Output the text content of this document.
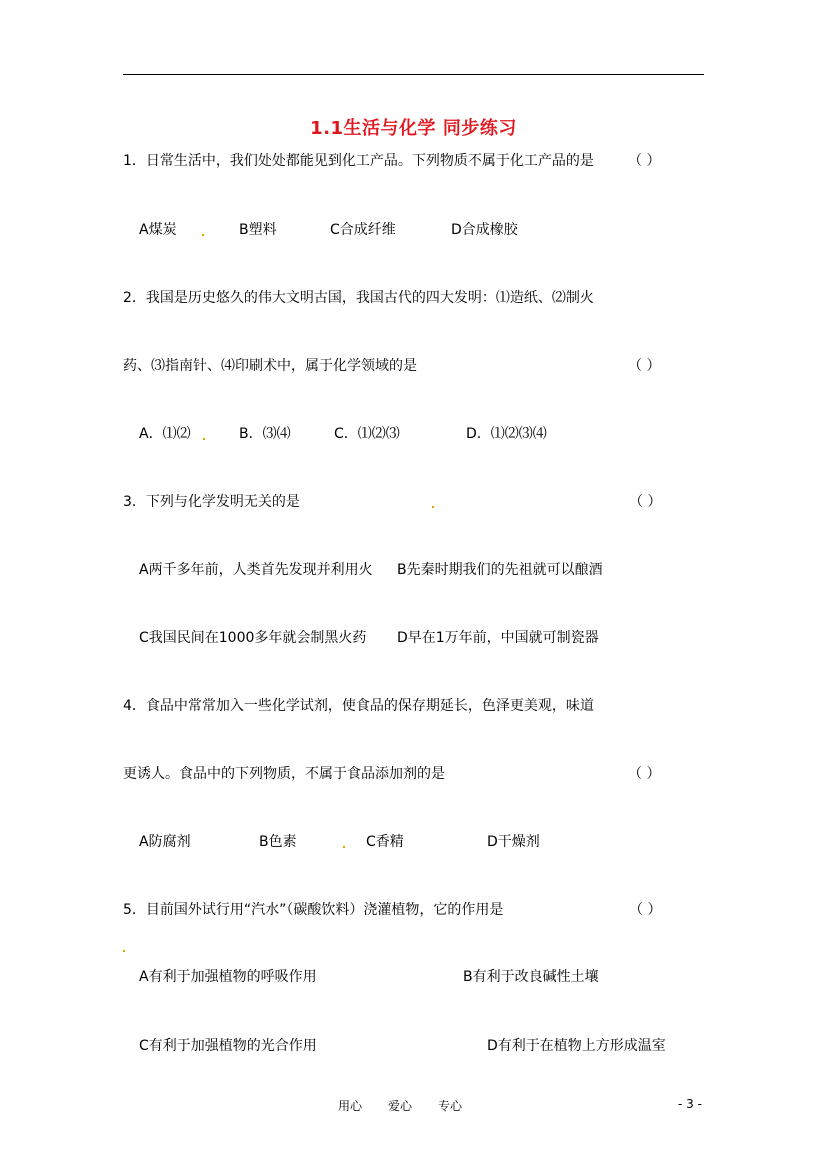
1.1生活与化学 同步练习
1．日常生活中，我们处处都能见到化工产品。下列物质不属于化工产品的是 （ ）
A煤炭	B塑料	C合成纤维	D合成橡胶
2．我国是历史悠久的伟大文明古国，我国古代的四大发明：⑴造纸、⑵制火
药、⑶指南针、⑷印刷术中，属于化学领域的是	（ ）
A．⑴⑵	B．⑶⑷	C．⑴⑵⑶	D．⑴⑵⑶⑷
3．下列与化学发明无关的是	（ ）
A两千多年前，人类首先发现并利用火 B先秦时期我们的先祖就可以酿酒
C我国民间在1000多年就会制黑火药 D早在1万年前，中国就可制瓷器
4．食品中常常加入一些化学试剂，使食品的保存期延长，色泽更美观，味道
更诱人。食品中的下列物质，不属于食品添加剂的是	（ ）
A防腐剂	B色素	C香精	D干燥剂
5．目前国外试行用“汽水”（碳酸饮料）浇灌植物，它的作用是	（ ）
A有利于加强植物的呼吸作用	B有利于改良碱性土壤
C有利于加强植物的光合作用	D有利于在植物上方形成温室
用心 爱心 专心	- 3 -
